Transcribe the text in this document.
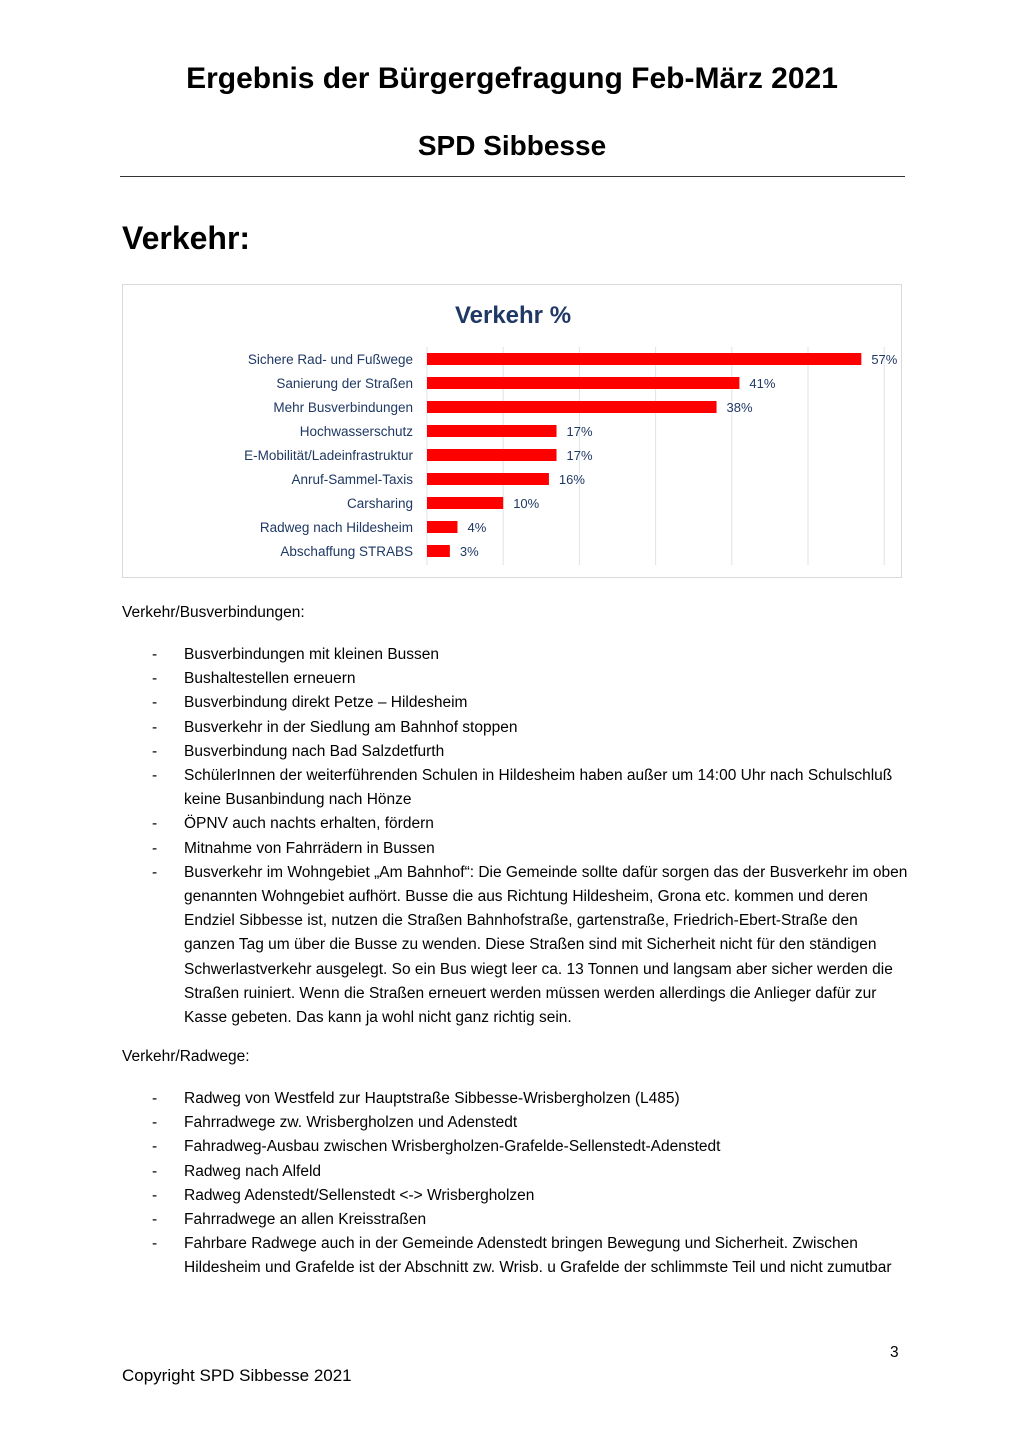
Ergebnis der Bürgergefragung Feb-März 2021
SPD Sibbesse
Verkehr:
Verkehr %
Sichere Rad- und Fußwege	57%
Sanierung der Straßen	41%
Mehr Busverbindungen	38%
Hochwasserschutz	17%
E-Mobilität/Ladeinfrastruktur	17%
Anruf-Sammel-Taxis	16%
Carsharing	10%
Radweg nach Hildesheim	4%
Abschaffung STRABS	3%
Verkehr/Busverbindungen:
- Busverbindungen mit kleinen Bussen
- Bushaltestellen erneuern
- Busverbindung direkt Petze – Hildesheim
- Busverkehr in der Siedlung am Bahnhof stoppen
- Busverbindung nach Bad Salzdetfurth
- SchülerInnen der weiterführenden Schulen in Hildesheim haben außer um 14:00 Uhr nach Schulschluß keine Busanbindung nach Hönze
- ÖPNV auch nachts erhalten, fördern
- Mitnahme von Fahrrädern in Bussen
- Busverkehr im Wohngebiet „Am Bahnhof“: Die Gemeinde sollte dafür sorgen das der Busverkehr im oben genannten Wohngebiet aufhört. Busse die aus Richtung Hildesheim, Grona etc. kommen und deren Endziel Sibbesse ist, nutzen die Straßen Bahnhofstraße, gartenstraße, Friedrich-Ebert-Straße den ganzen Tag um über die Busse zu wenden. Diese Straßen sind mit Sicherheit nicht für den ständigen Schwerlastverkehr ausgelegt. So ein Bus wiegt leer ca. 13 Tonnen und langsam aber sicher werden die Straßen ruiniert. Wenn die Straßen erneuert werden müssen werden allerdings die Anlieger dafür zur Kasse gebeten. Das kann ja wohl nicht ganz richtig sein.
Verkehr/Radwege:
- Radweg von Westfeld zur Hauptstraße Sibbesse-Wrisbergholzen (L485)
- Fahrradwege zw. Wrisbergholzen und Adenstedt
- Fahradweg-Ausbau zwischen Wrisbergholzen-Grafelde-Sellenstedt-Adenstedt
- Radweg nach Alfeld
- Radweg Adenstedt/Sellenstedt <-> Wrisbergholzen
- Fahrradwege an allen Kreisstraßen
- Fahrbare Radwege auch in der Gemeinde Adenstedt bringen Bewegung und Sicherheit. Zwischen Hildesheim und Grafelde ist der Abschnitt zw. Wrisb. u Grafelde der schlimmste Teil und nicht zumutbar
3
Copyright SPD Sibbesse 2021
